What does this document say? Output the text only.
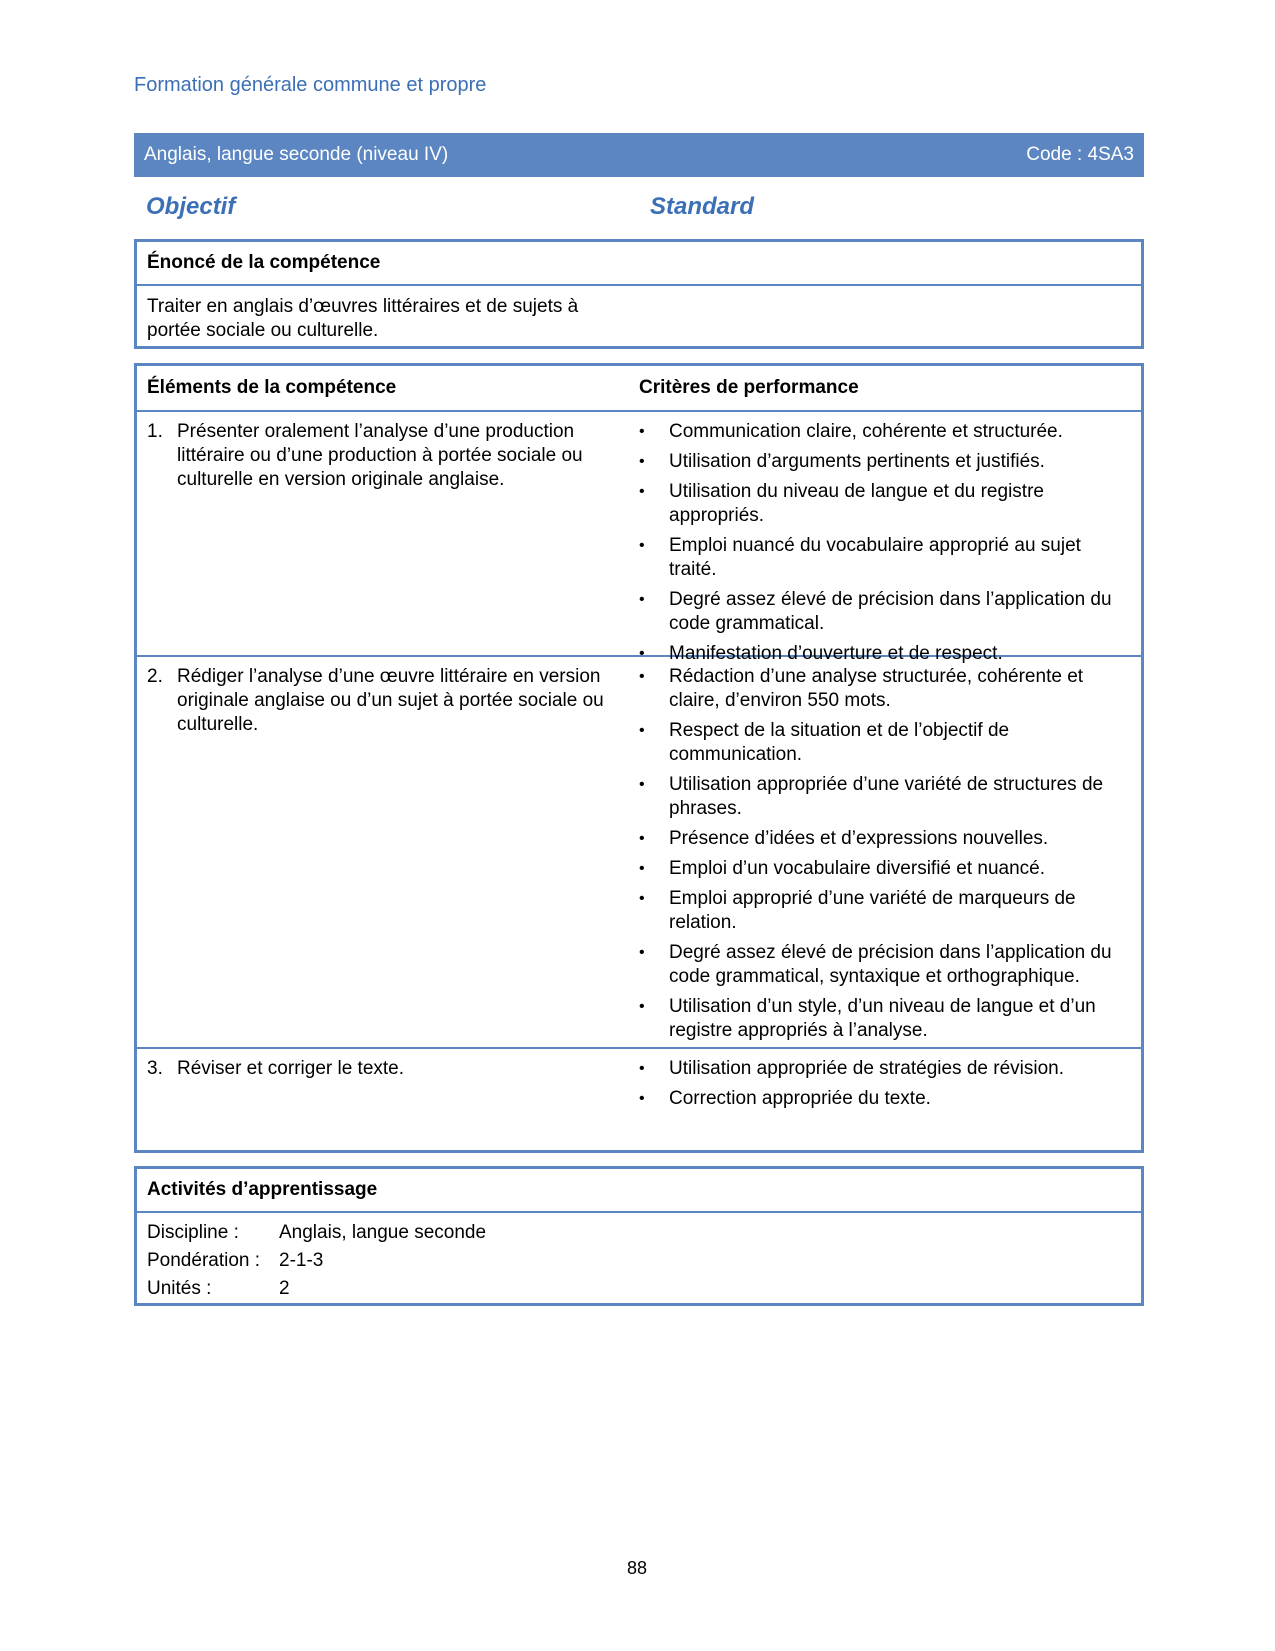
Formation générale commune et propre
Anglais, langue seconde (niveau IV)	Code : 4SA3
Objectif	Standard
Énoncé de la compétence
Traiter en anglais d’œuvres littéraires et de sujets à portée sociale ou culturelle.
Éléments de la compétence	Critères de performance
1. Présenter oralement l’analyse d’une production littéraire ou d’une production à portée sociale ou culturelle en version originale anglaise.
•	Communication claire, cohérente et structurée.
•	Utilisation d’arguments pertinents et justifiés.
•	Utilisation du niveau de langue et du registre appropriés.
•	Emploi nuancé du vocabulaire approprié au sujet traité.
•	Degré assez élevé de précision dans l’application du code grammatical.
•	Manifestation d’ouverture et de respect.
2. Rédiger l’analyse d’une œuvre littéraire en version originale anglaise ou d’un sujet à portée sociale ou culturelle.
•	Rédaction d’une analyse structurée, cohérente et claire, d’environ 550 mots.
•	Respect de la situation et de l’objectif de communication.
•	Utilisation appropriée d’une variété de structures de phrases.
•	Présence d’idées et d’expressions nouvelles.
•	Emploi d’un vocabulaire diversifié et nuancé.
•	Emploi approprié d’une variété de marqueurs de relation.
•	Degré assez élevé de précision dans l’application du code grammatical, syntaxique et orthographique.
•	Utilisation d’un style, d’un niveau de langue et d’un registre appropriés à l’analyse.
3. Réviser et corriger le texte.	•	Utilisation appropriée de stratégies de révision.
•	Correction appropriée du texte.
Activités d’apprentissage
Discipline :	Anglais, langue seconde
Pondération : 2-1-3
Unités :	2
88
